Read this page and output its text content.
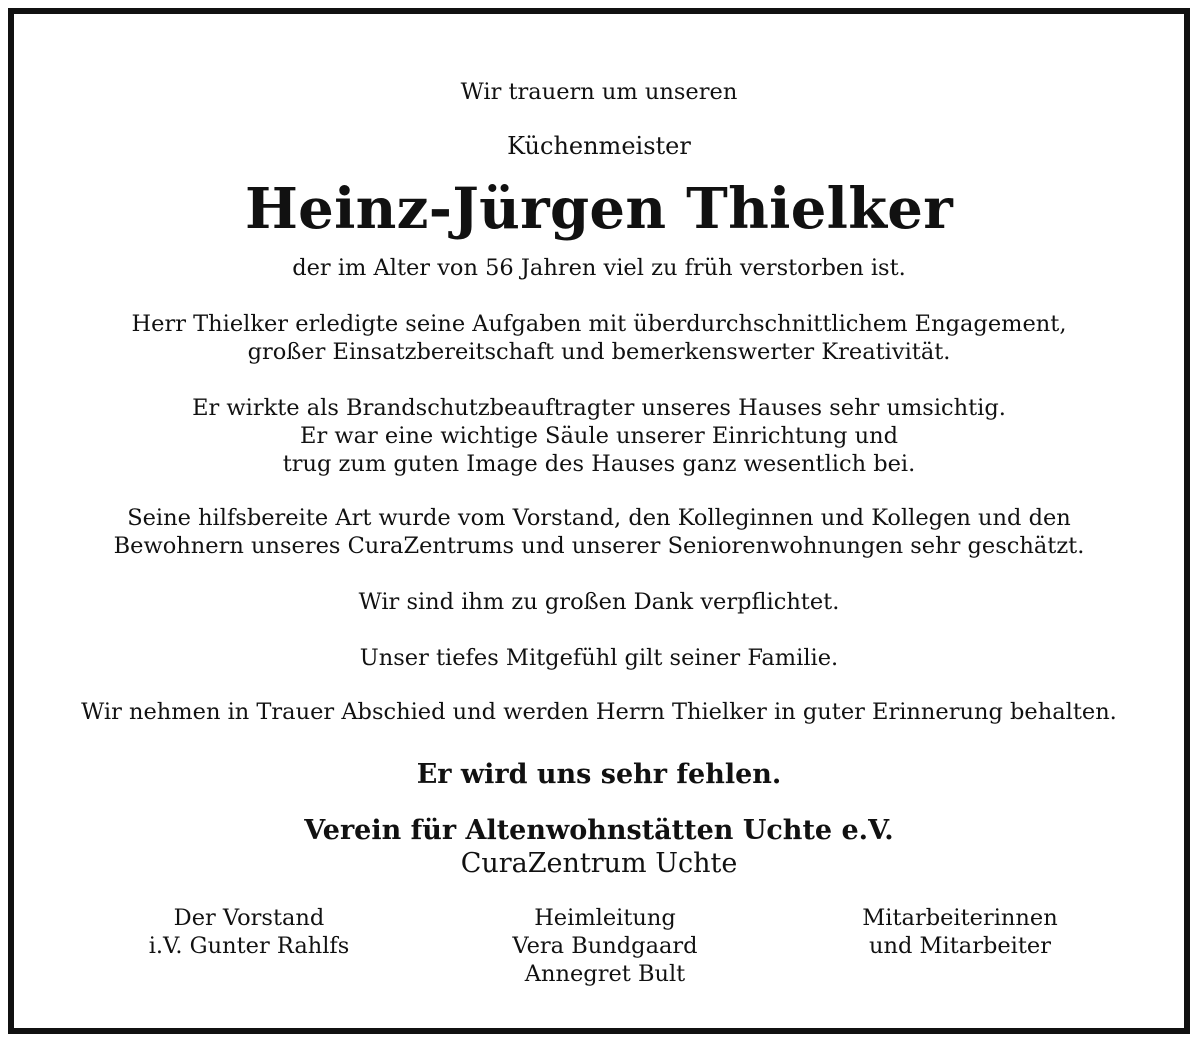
Wir trauern um unseren
Küchenmeister
Heinz-Jürgen Thielker
der im Alter von 56 Jahren viel zu früh verstorben ist.
Herr Thielker erledigte seine Aufgaben mit überdurchschnittlichem Engagement,
großer Einsatzbereitschaft und bemerkenswerter Kreativität.
Er wirkte als Brandschutzbeauftragter unseres Hauses sehr umsichtig.
Er war eine wichtige Säule unserer Einrichtung und
trug zum guten Image des Hauses ganz wesentlich bei.
Seine hilfsbereite Art wurde vom Vorstand, den Kolleginnen und Kollegen und den
Bewohnern unseres CuraZentrums und unserer Seniorenwohnungen sehr geschätzt.
Wir sind ihm zu großen Dank verpflichtet.
Unser tiefes Mitgefühl gilt seiner Familie.
Wir nehmen in Trauer Abschied und werden Herrn Thielker in guter Erinnerung behalten.
Er wird uns sehr fehlen.
Verein für Altenwohnstätten Uchte e.V.
CuraZentrum Uchte
Der Vorstand
i.V. Gunter Rahlfs
Heimleitung
Vera Bundgaard
Annegret Bult
Mitarbeiterinnen
und Mitarbeiter
